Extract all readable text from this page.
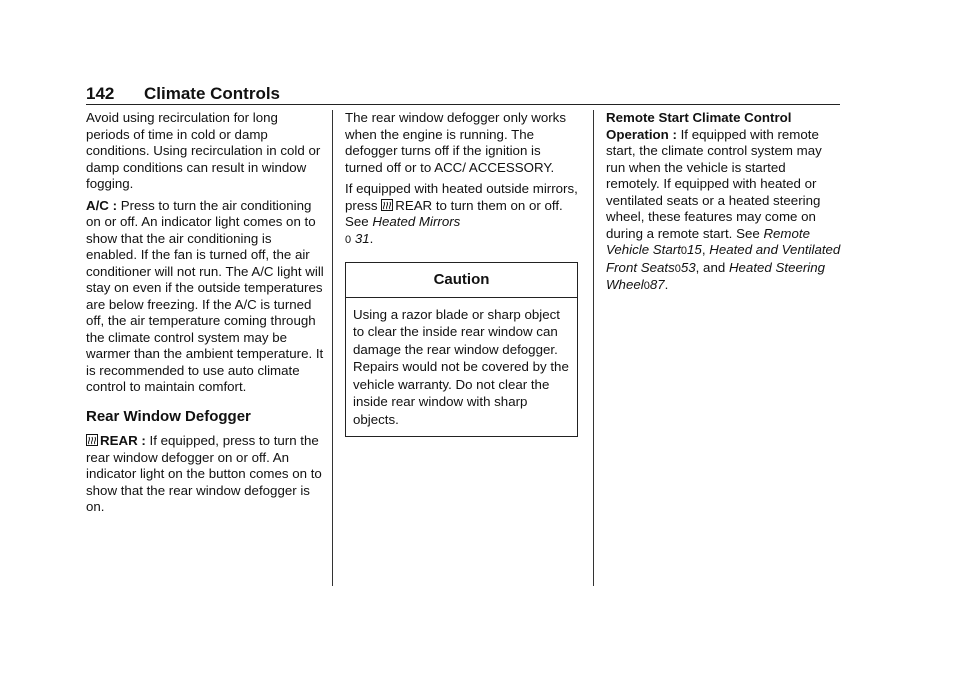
142 Climate Controls

Avoid using recirculation for long periods of time in cold or damp conditions. Using recirculation in cold or damp conditions can result in window fogging.

A/C : Press to turn the air conditioning on or off. An indicator light comes on to show that the air conditioning is enabled. If the fan is turned off, the air conditioner will not run. The A/C light will stay on even if the outside temperatures are below freezing. If the A/C is turned off, the air temperature coming through the climate control system may be warmer than the ambient temperature. It is recommended to use auto climate control to maintain comfort.

Rear Window Defogger

REAR : If equipped, press to turn the rear window defogger on or off. An indicator light on the button comes on to show that the rear window defogger is on.

The rear window defogger only works when the engine is running. The defogger turns off if the ignition is turned off or to ACC/ ACCESSORY.

If equipped with heated outside mirrors, press REAR to turn them on or off. See Heated Mirrors
0 31.

Caution
Using a razor blade or sharp object to clear the inside rear window can damage the rear window defogger. Repairs would not be covered by the vehicle warranty. Do not clear the inside rear window with sharp objects.

Remote Start Climate Control Operation : If equipped with remote start, the climate control system may run when the vehicle is started remotely. If equipped with heated or ventilated seats or a heated steering wheel, these features may come on during a remote start. See Remote Vehicle Start015, Heated and Ventilated Front Seats053, and Heated Steering Wheel087.
